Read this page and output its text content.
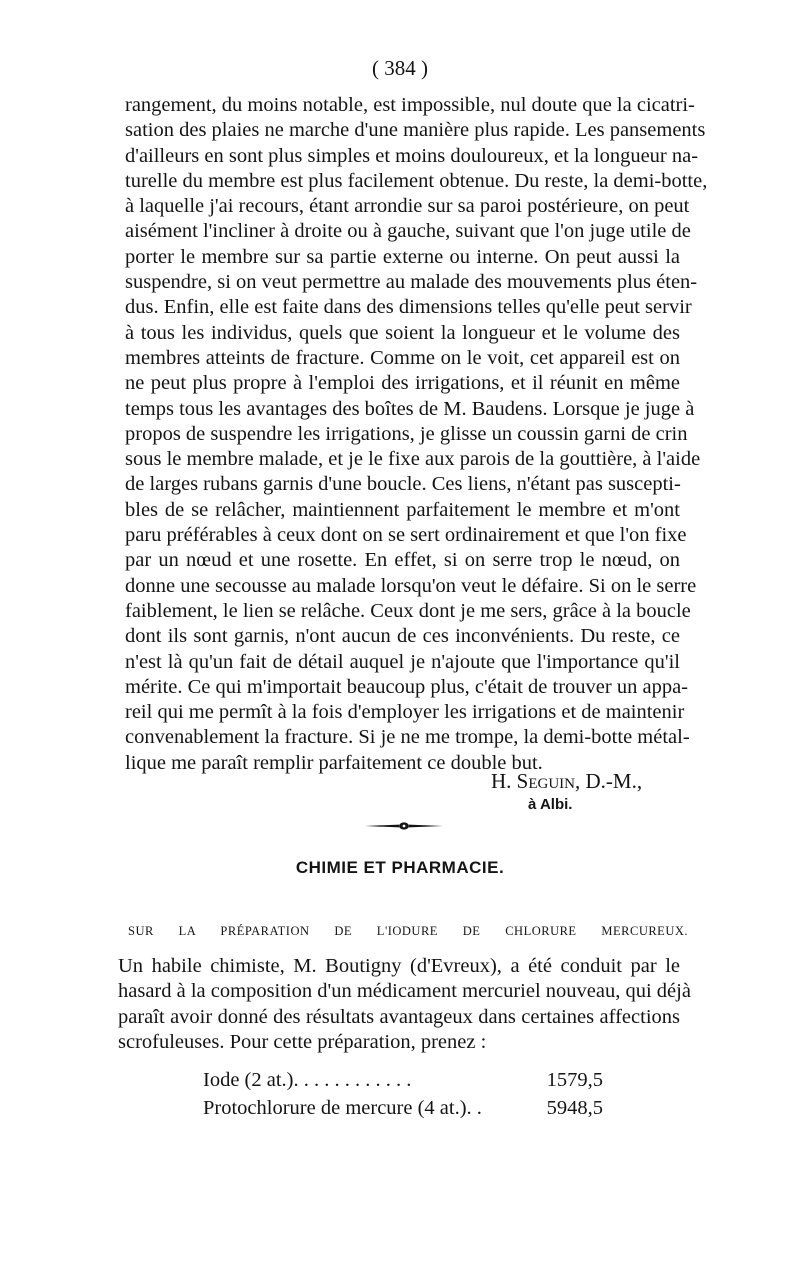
( 384 )
rangement, du moins notable, est impossible, nul doute que la cicatri-
sation des plaies ne marche d'une manière plus rapide. Les pansements
d'ailleurs en sont plus simples et moins douloureux, et la longueur na-
turelle du membre est plus facilement obtenue. Du reste, la demi-botte,
à laquelle j'ai recours, étant arrondie sur sa paroi postérieure, on peut
aisément l'incliner à droite ou à gauche, suivant que l'on juge utile de
porter le membre sur sa partie externe ou interne. On peut aussi la
suspendre, si on veut permettre au malade des mouvements plus éten-
dus. Enfin, elle est faite dans des dimensions telles qu'elle peut servir
à tous les individus, quels que soient la longueur et le volume des
membres atteints de fracture. Comme on le voit, cet appareil est on
ne peut plus propre à l'emploi des irrigations, et il réunit en même
temps tous les avantages des boîtes de M. Baudens. Lorsque je juge à
propos de suspendre les irrigations, je glisse un coussin garni de crin
sous le membre malade, et je le fixe aux parois de la gouttière, à l'aide
de larges rubans garnis d'une boucle. Ces liens, n'étant pas suscepti-
bles de se relâcher, maintiennent parfaitement le membre et m'ont
paru préférables à ceux dont on se sert ordinairement et que l'on fixe
par un nœud et une rosette. En effet, si on serre trop le nœud, on
donne une secousse au malade lorsqu'on veut le défaire. Si on le serre
faiblement, le lien se relâche. Ceux dont je me sers, grâce à la boucle
dont ils sont garnis, n'ont aucun de ces inconvénients. Du reste, ce
n'est là qu'un fait de détail auquel je n'ajoute que l'importance qu'il
mérite. Ce qui m'importait beaucoup plus, c'était de trouver un appa-
reil qui me permît à la fois d'employer les irrigations et de maintenir
convenablement la fracture. Si je ne me trompe, la demi-botte métal-
lique me paraît remplir parfaitement ce double but.
H. Seguin, D.-M.,
à Albi.
CHIMIE ET PHARMACIE.
SUR LA PRÉPARATION DE L'IODURE DE CHLORURE MERCUREUX.
Un habile chimiste, M. Boutigny (d'Evreux), a été conduit par le
hasard à la composition d'un médicament mercuriel nouveau, qui déjà
paraît avoir donné des résultats avantageux dans certaines affections
scrofuleuses. Pour cette préparation, prenez :
Iode (2 at.). . . . . . . . . . . .	1579,5
Protochlorure de mercure (4 at.). .	5948,5
